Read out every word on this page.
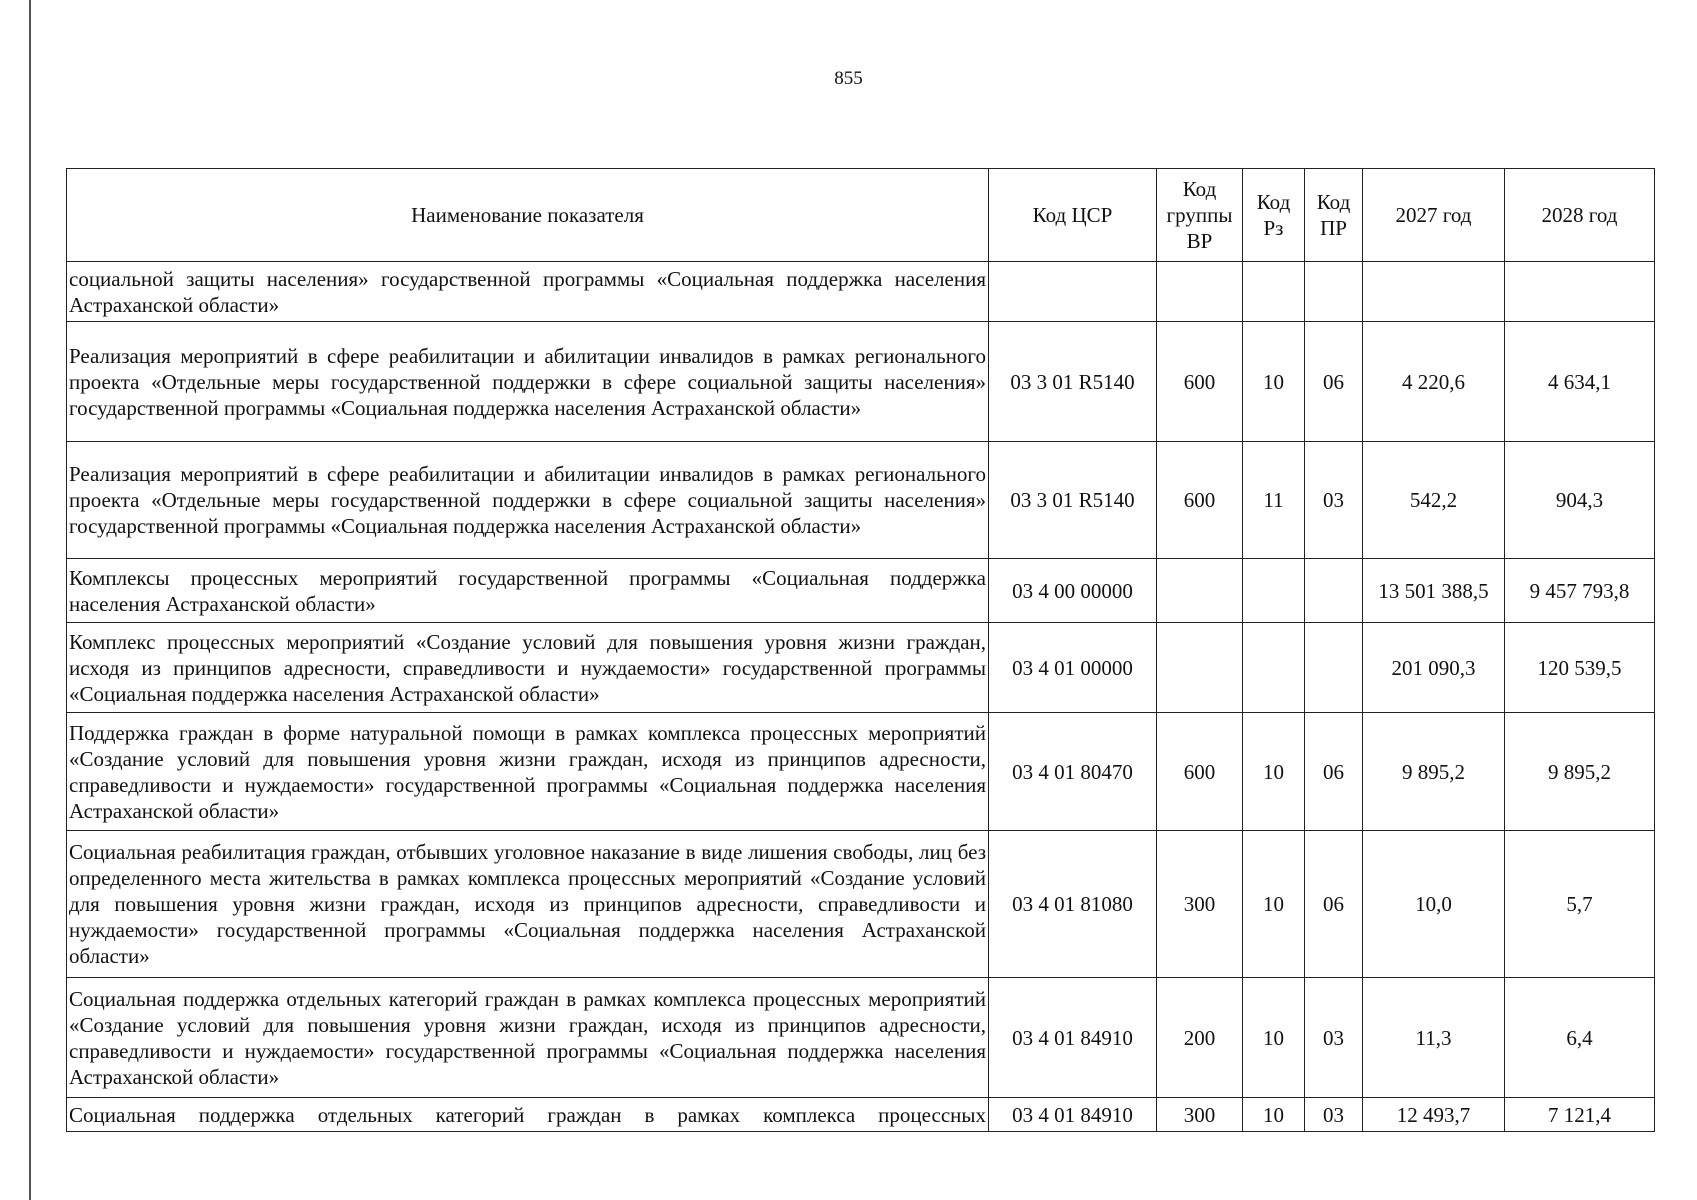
855
Наименование показателя	Код ЦСР	Код группы ВР	Код Рз	Код ПР	2027 год	2028 год
социальной защиты населения» государственной программы «Социальная поддержка населения Астраханской области»						
Реализация мероприятий в сфере реабилитации и абилитации инвалидов в рамках регионального проекта «Отдельные меры государственной поддержки в сфере социальной защиты населения» государственной программы «Социальная поддержка населения Астраханской области»	03 3 01 R5140	600	10	06	4 220,6	4 634,1
Реализация мероприятий в сфере реабилитации и абилитации инвалидов в рамках регионального проекта «Отдельные меры государственной поддержки в сфере социальной защиты населения» государственной программы «Социальная поддержка населения Астраханской области»	03 3 01 R5140	600	11	03	542,2	904,3
Комплексы процессных мероприятий государственной программы «Социальная поддержка населения Астраханской области»	03 4 00 00000				13 501 388,5	9 457 793,8
Комплекс процессных мероприятий «Создание условий для повышения уровня жизни граждан, исходя из принципов адресности, справедливости и нуждаемости» государственной программы «Социальная поддержка населения Астраханской области»	03 4 01 00000				201 090,3	120 539,5
Поддержка граждан в форме натуральной помощи в рамках комплекса процессных мероприятий «Создание условий для повышения уровня жизни граждан, исходя из принципов адресности, справедливости и нуждаемости» государственной программы «Социальная поддержка населения Астраханской области»	03 4 01 80470	600	10	06	9 895,2	9 895,2
Социальная реабилитация граждан, отбывших уголовное наказание в виде лишения свободы, лиц без определенного места жительства в рамках комплекса процессных мероприятий «Создание условий для повышения уровня жизни граждан, исходя из принципов адресности, справедливости и нуждаемости» государственной программы «Социальная поддержка населения Астраханской области»	03 4 01 81080	300	10	06	10,0	5,7
Социальная поддержка отдельных категорий граждан в рамках комплекса процессных мероприятий «Создание условий для повышения уровня жизни граждан, исходя из принципов адресности, справедливости и нуждаемости» государственной программы «Социальная поддержка населения Астраханской области»	03 4 01 84910	200	10	03	11,3	6,4
Социальная поддержка отдельных категорий граждан в рамках комплекса процессных	03 4 01 84910	300	10	03	12 493,7	7 121,4
